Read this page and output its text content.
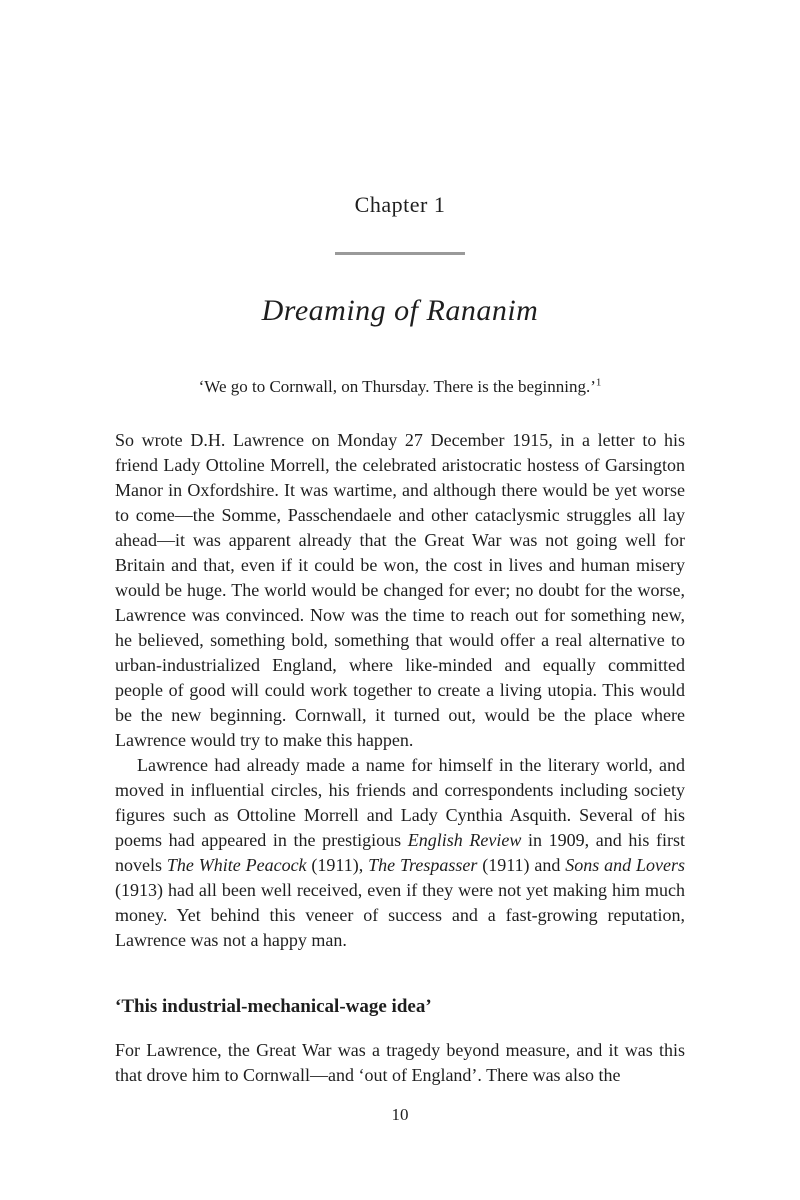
Chapter 1
Dreaming of Rananim
‘We go to Cornwall, on Thursday. There is the beginning.’$^1$

So wrote D.H. Lawrence on Monday 27 December 1915, in a letter to his friend Lady Ottoline Morrell, the celebrated aristocratic hostess of Garsington Manor in Oxfordshire. It was wartime, and although there would be yet worse to come—the Somme, Passchendaele and other cataclysmic struggles all lay ahead—it was apparent already that the Great War was not going well for Britain and that, even if it could be won, the cost in lives and human misery would be huge. The world would be changed for ever; no doubt for the worse, Lawrence was convinced. Now was the time to reach out for something new, he believed, something bold, something that would offer a real alternative to urban-industrialized England, where like-minded and equally committed people of good will could work together to create a living utopia. This would be the new beginning. Cornwall, it turned out, would be the place where Lawrence would try to make this happen.

Lawrence had already made a name for himself in the literary world, and moved in influential circles, his friends and correspondents including society figures such as Ottoline Morrell and Lady Cynthia Asquith. Several of his poems had appeared in the prestigious English Review in 1909, and his first novels The White Peacock (1911), The Trespasser (1911) and Sons and Lovers (1913) had all been well received, even if they were not yet making him much money. Yet behind this veneer of success and a fast-growing reputation, Lawrence was not a happy man.

‘This industrial-mechanical-wage idea’

For Lawrence, the Great War was a tragedy beyond measure, and it was this that drove him to Cornwall—and ‘out of England’. There was also the

10
